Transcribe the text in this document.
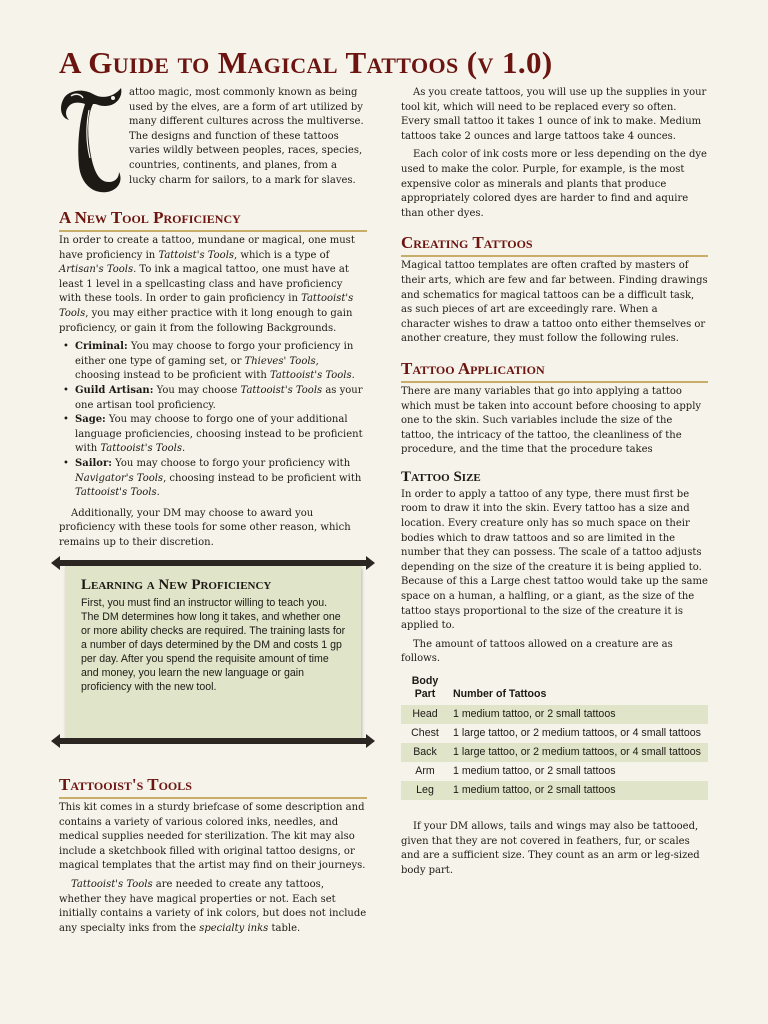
A Guide to Magical Tattoos (v 1.0)

attoo magic, most commonly known as being used by the elves, are a form of art utilized by many different cultures across the multiverse. The designs and function of these tattoos varies wildly between peoples, races, species, countries, continents, and planes, from a lucky charm for sailors, to a mark for slaves.

A New Tool Proficiency

In order to create a tattoo, mundane or magical, one must have proficiency in Tattoist's Tools, which is a type of Artisan's Tools. To ink a magical tattoo, one must have at least 1 level in a spellcasting class and have proficiency with these tools. In order to gain proficiency in Tattooist's Tools, you may either practice with it long enough to gain proficiency, or gain it from the following Backgrounds.

• Criminal: You may choose to forgo your proficiency in either one type of gaming set, or Thieves' Tools, choosing instead to be proficient with Tattooist's Tools.
• Guild Artisan: You may choose Tattooist's Tools as your one artisan tool proficiency.
• Sage: You may choose to forgo one of your additional language proficiencies, choosing instead to be proficient with Tattooist's Tools.
• Sailor: You may choose to forgo your proficiency with Navigator's Tools, choosing instead to be proficient with Tattooist's Tools.

Additionally, your DM may choose to award you proficiency with these tools for some other reason, which remains up to their discretion.

Learning a New Proficiency

First, you must find an instructor willing to teach you. The DM determines how long it takes, and whether one or more ability checks are required. The training lasts for a number of days determined by the DM and costs 1 gp per day. After you spend the requisite amount of time and money, you learn the new language or gain proficiency with the new tool.

Tattooist's Tools

This kit comes in a sturdy briefcase of some description and contains a variety of various colored inks, needles, and medical supplies needed for sterilization. The kit may also include a sketchbook filled with original tattoo designs, or magical templates that the artist may find on their journeys.

Tattooist's Tools are needed to create any tattoos, whether they have magical properties or not. Each set initially contains a variety of ink colors, but does not include any specialty inks from the specialty inks table.

As you create tattoos, you will use up the supplies in your tool kit, which will need to be replaced every so often. Every small tattoo it takes 1 ounce of ink to make. Medium tattoos take 2 ounces and large tattoos take 4 ounces.

Each color of ink costs more or less depending on the dye used to make the color. Purple, for example, is the most expensive color as minerals and plants that produce appropriately colored dyes are harder to find and aquire than other dyes.

Creating Tattoos

Magical tattoo templates are often crafted by masters of their arts, which are few and far between. Finding drawings and schematics for magical tattoos can be a difficult task, as such pieces of art are exceedingly rare. When a character wishes to draw a tattoo onto either themselves or another creature, they must follow the following rules.

Tattoo Application

There are many variables that go into applying a tattoo which must be taken into account before choosing to apply one to the skin. Such variables include the size of the tattoo, the intricacy of the tattoo, the cleanliness of the procedure, and the time that the procedure takes

Tattoo Size

In order to apply a tattoo of any type, there must first be room to draw it into the skin. Every tattoo has a size and location. Every creature only has so much space on their bodies which to draw tattoos and so are limited in the number that they can possess. The scale of a tattoo adjusts depending on the size of the creature it is being applied to. Because of this a Large chest tattoo would take up the same space on a human, a halfling, or a giant, as the size of the tattoo stays proportional to the size of the creature it is applied to.

The amount of tattoos allowed on a creature are as follows.

Body Part	Number of Tattoos
Head	1 medium tattoo, or 2 small tattoos
Chest	1 large tattoo, or 2 medium tattoos, or 4 small tattoos
Back	1 large tattoo, or 2 medium tattoos, or 4 small tattoos
Arm	1 medium tattoo, or 2 small tattoos
Leg	1 medium tattoo, or 2 small tattoos

If your DM allows, tails and wings may also be tattooed, given that they are not covered in feathers, fur, or scales and are a sufficient size. They count as an arm or leg-sized body part.
